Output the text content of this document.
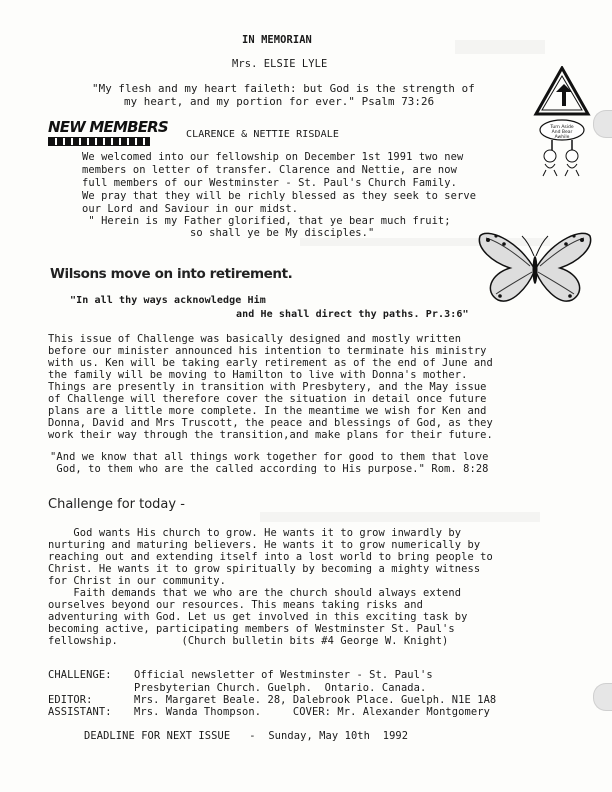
IN MEMORIAN
Mrs. ELSIE LYLE
"My flesh and my heart faileth: but God is the strength of
my heart, and my portion for ever." Psalm 73:26
Turn Aside
And Bear
Awhile
NEW MEMBERS CLARENCE & NETTIE RISDALE
We welcomed into our fellowship on December 1st 1991 two new
members on letter of transfer. Clarence and Nettie, are now
full members of our Westminster - St. Paul's Church Family.
We pray that they will be richly blessed as they seek to serve
our Lord and Saviour in our midst.
" Herein is my Father glorified, that ye bear much fruit;
so shall ye be My disciples."
Wilsons move on into retirement.
"In all thy ways acknowledge Him
and He shall direct thy paths. Pr.3:6"
This issue of Challenge was basically designed and mostly written
before our minister announced his intention to terminate his ministry
with us. Ken will be taking early retirement as of the end of June and
the family will be moving to Hamilton to live with Donna's mother.
Things are presently in transition with Presbytery, and the May issue
of Challenge will therefore cover the situation in detail once future
plans are a little more complete. In the meantime we wish for Ken and
Donna, David and Mrs Truscott, the peace and blessings of God, as they
work their way through the transition,and make plans for their future.
"And we know that all things work together for good to them that love
God, to them who are the called according to His purpose." Rom. 8:28
Challenge for today -
God wants His church to grow. He wants it to grow inwardly by
nurturing and maturing believers. He wants it to grow numerically by
reaching out and extending itself into a lost world to bring people to
Christ. He wants it to grow spiritually by becoming a mighty witness
for Christ in our community.
Faith demands that we who are the church should always extend
ourselves beyond our resources. This means taking risks and
adventuring with God. Let us get involved in this exciting task by
becoming active, participating members of Westminster St. Paul's
fellowship.          (Church bulletin bits #4 George W. Knight)
CHALLENGE: Official newsletter of Westminster - St. Paul's
Presbyterian Church. Guelph.  Ontario. Canada.
EDITOR:	Mrs. Margaret Beale. 28, Dalebrook Place. Guelph. N1E 1A8
ASSISTANT: Mrs. Wanda Thompson.     COVER: Mr. Alexander Montgomery
DEADLINE FOR NEXT ISSUE   -  Sunday, May 10th  1992
